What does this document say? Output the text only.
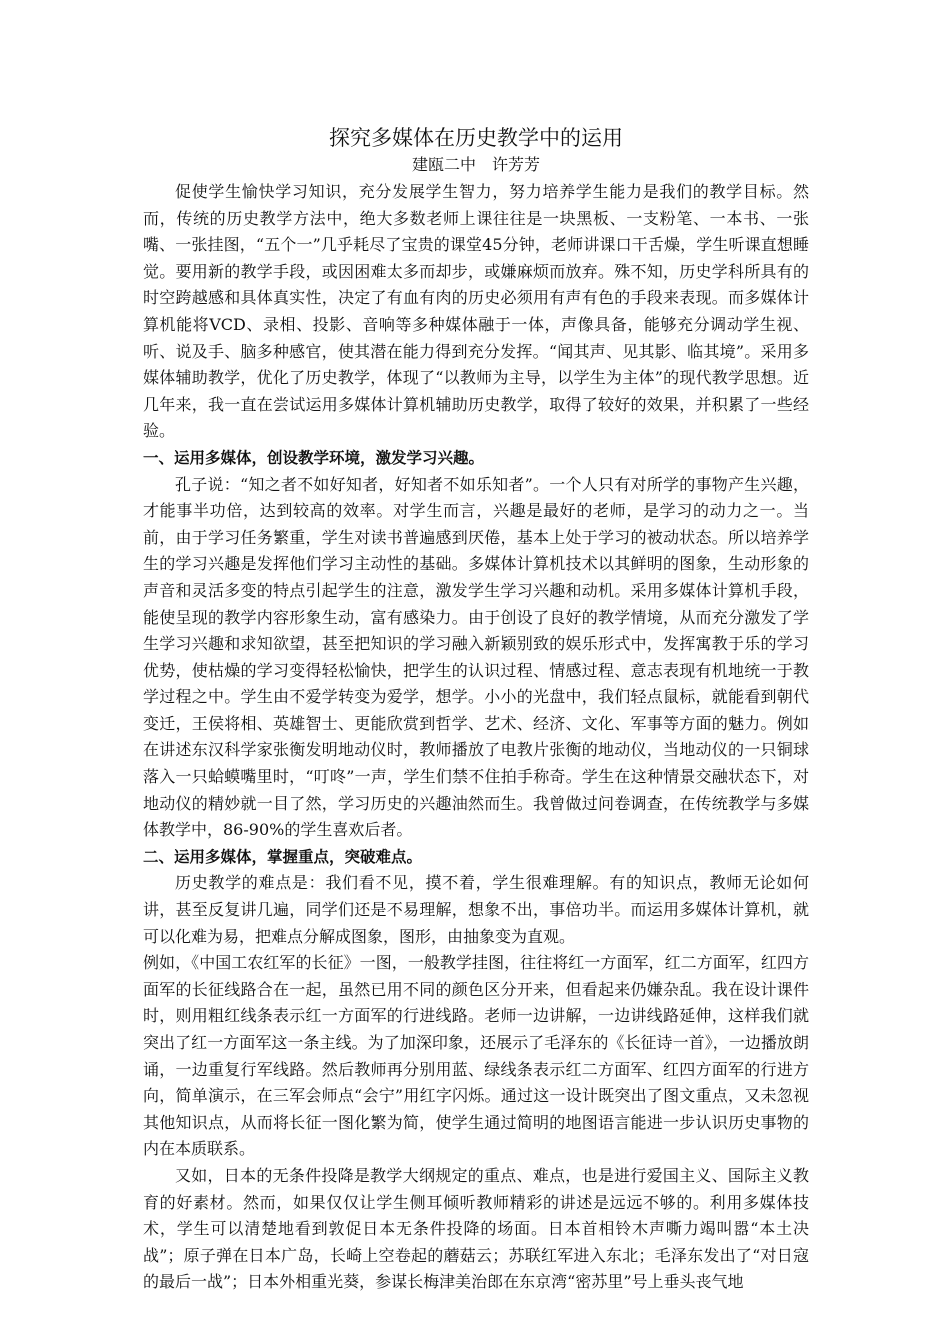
探究多媒体在历史教学中的运用
建瓯二中　许芳芳
促使学生愉快学习知识，充分发展学生智力，努力培养学生能力是我们的教学目标。然而，传统的历史教学方法中，绝大多数老师上课往往是一块黑板、一支粉笔、一本书、一张嘴、一张挂图，“五个一”几乎耗尽了宝贵的课堂45分钟，老师讲课口干舌燥，学生听课直想睡觉。要用新的教学手段，或因困难太多而却步，或嫌麻烦而放弃。殊不知，历史学科所具有的时空跨越感和具体真实性，决定了有血有肉的历史必须用有声有色的手段来表现。而多媒体计算机能将VCD、录相、投影、音响等多种媒体融于一体，声像具备，能够充分调动学生视、听、说及手、脑多种感官，使其潜在能力得到充分发挥。“闻其声、见其影、临其境”。采用多媒体辅助教学，优化了历史教学，体现了“以教师为主导，以学生为主体”的现代教学思想。近几年来，我一直在尝试运用多媒体计算机辅助历史教学，取得了较好的效果，并积累了一些经验。
一、运用多媒体，创设教学环境，激发学习兴趣。
孔子说：“知之者不如好知者，好知者不如乐知者”。一个人只有对所学的事物产生兴趣，才能事半功倍，达到较高的效率。对学生而言，兴趣是最好的老师，是学习的动力之一。当前，由于学习任务繁重，学生对读书普遍感到厌倦，基本上处于学习的被动状态。所以培养学生的学习兴趣是发挥他们学习主动性的基础。多媒体计算机技术以其鲜明的图象，生动形象的声音和灵活多变的特点引起学生的注意，激发学生学习兴趣和动机。采用多媒体计算机手段，能使呈现的教学内容形象生动，富有感染力。由于创设了良好的教学情境，从而充分激发了学生学习兴趣和求知欲望，甚至把知识的学习融入新颖别致的娱乐形式中，发挥寓教于乐的学习优势，使枯燥的学习变得轻松愉快，把学生的认识过程、情感过程、意志表现有机地统一于教学过程之中。学生由不爱学转变为爱学，想学。小小的光盘中，我们轻点鼠标，就能看到朝代变迁，王侯将相、英雄智士、更能欣赏到哲学、艺术、经济、文化、军事等方面的魅力。例如在讲述东汉科学家张衡发明地动仪时，教师播放了电教片张衡的地动仪，当地动仪的一只铜球落入一只蛤蟆嘴里时，“叮咚”一声，学生们禁不住拍手称奇。学生在这种情景交融状态下，对地动仪的精妙就一目了然，学习历史的兴趣油然而生。我曾做过问卷调查，在传统教学与多媒体教学中，86-90%的学生喜欢后者。
二、运用多媒体，掌握重点，突破难点。
历史教学的难点是：我们看不见，摸不着，学生很难理解。有的知识点，教师无论如何讲，甚至反复讲几遍，同学们还是不易理解，想象不出，事倍功半。而运用多媒体计算机，就可以化难为易，把难点分解成图象，图形，由抽象变为直观。
例如，《中国工农红军的长征》一图，一般教学挂图，往往将红一方面军，红二方面军，红四方面军的长征线路合在一起，虽然已用不同的颜色区分开来，但看起来仍嫌杂乱。我在设计课件时，则用粗红线条表示红一方面军的行进线路。老师一边讲解，一边讲线路延伸，这样我们就突出了红一方面军这一条主线。为了加深印象，还展示了毛泽东的《长征诗一首》，一边播放朗诵，一边重复行军线路。然后教师再分别用蓝、绿线条表示红二方面军、红四方面军的行进方向，简单演示，在三军会师点“会宁”用红字闪烁。通过这一设计既突出了图文重点，又未忽视其他知识点，从而将长征一图化繁为简，使学生通过简明的地图语言能进一步认识历史事物的内在本质联系。
又如，日本的无条件投降是教学大纲规定的重点、难点，也是进行爱国主义、国际主义教育的好素材。然而，如果仅仅让学生侧耳倾听教师精彩的讲述是远远不够的。利用多媒体技术，学生可以清楚地看到敦促日本无条件投降的场面。日本首相铃木声嘶力竭叫嚣“本土决战”；原子弹在日本广岛，长崎上空卷起的蘑菇云；苏联红军进入东北；毛泽东发出了“对日寇的最后一战”；日本外相重光葵，参谋长梅津美治郎在东京湾“密苏里”号上垂头丧气地
